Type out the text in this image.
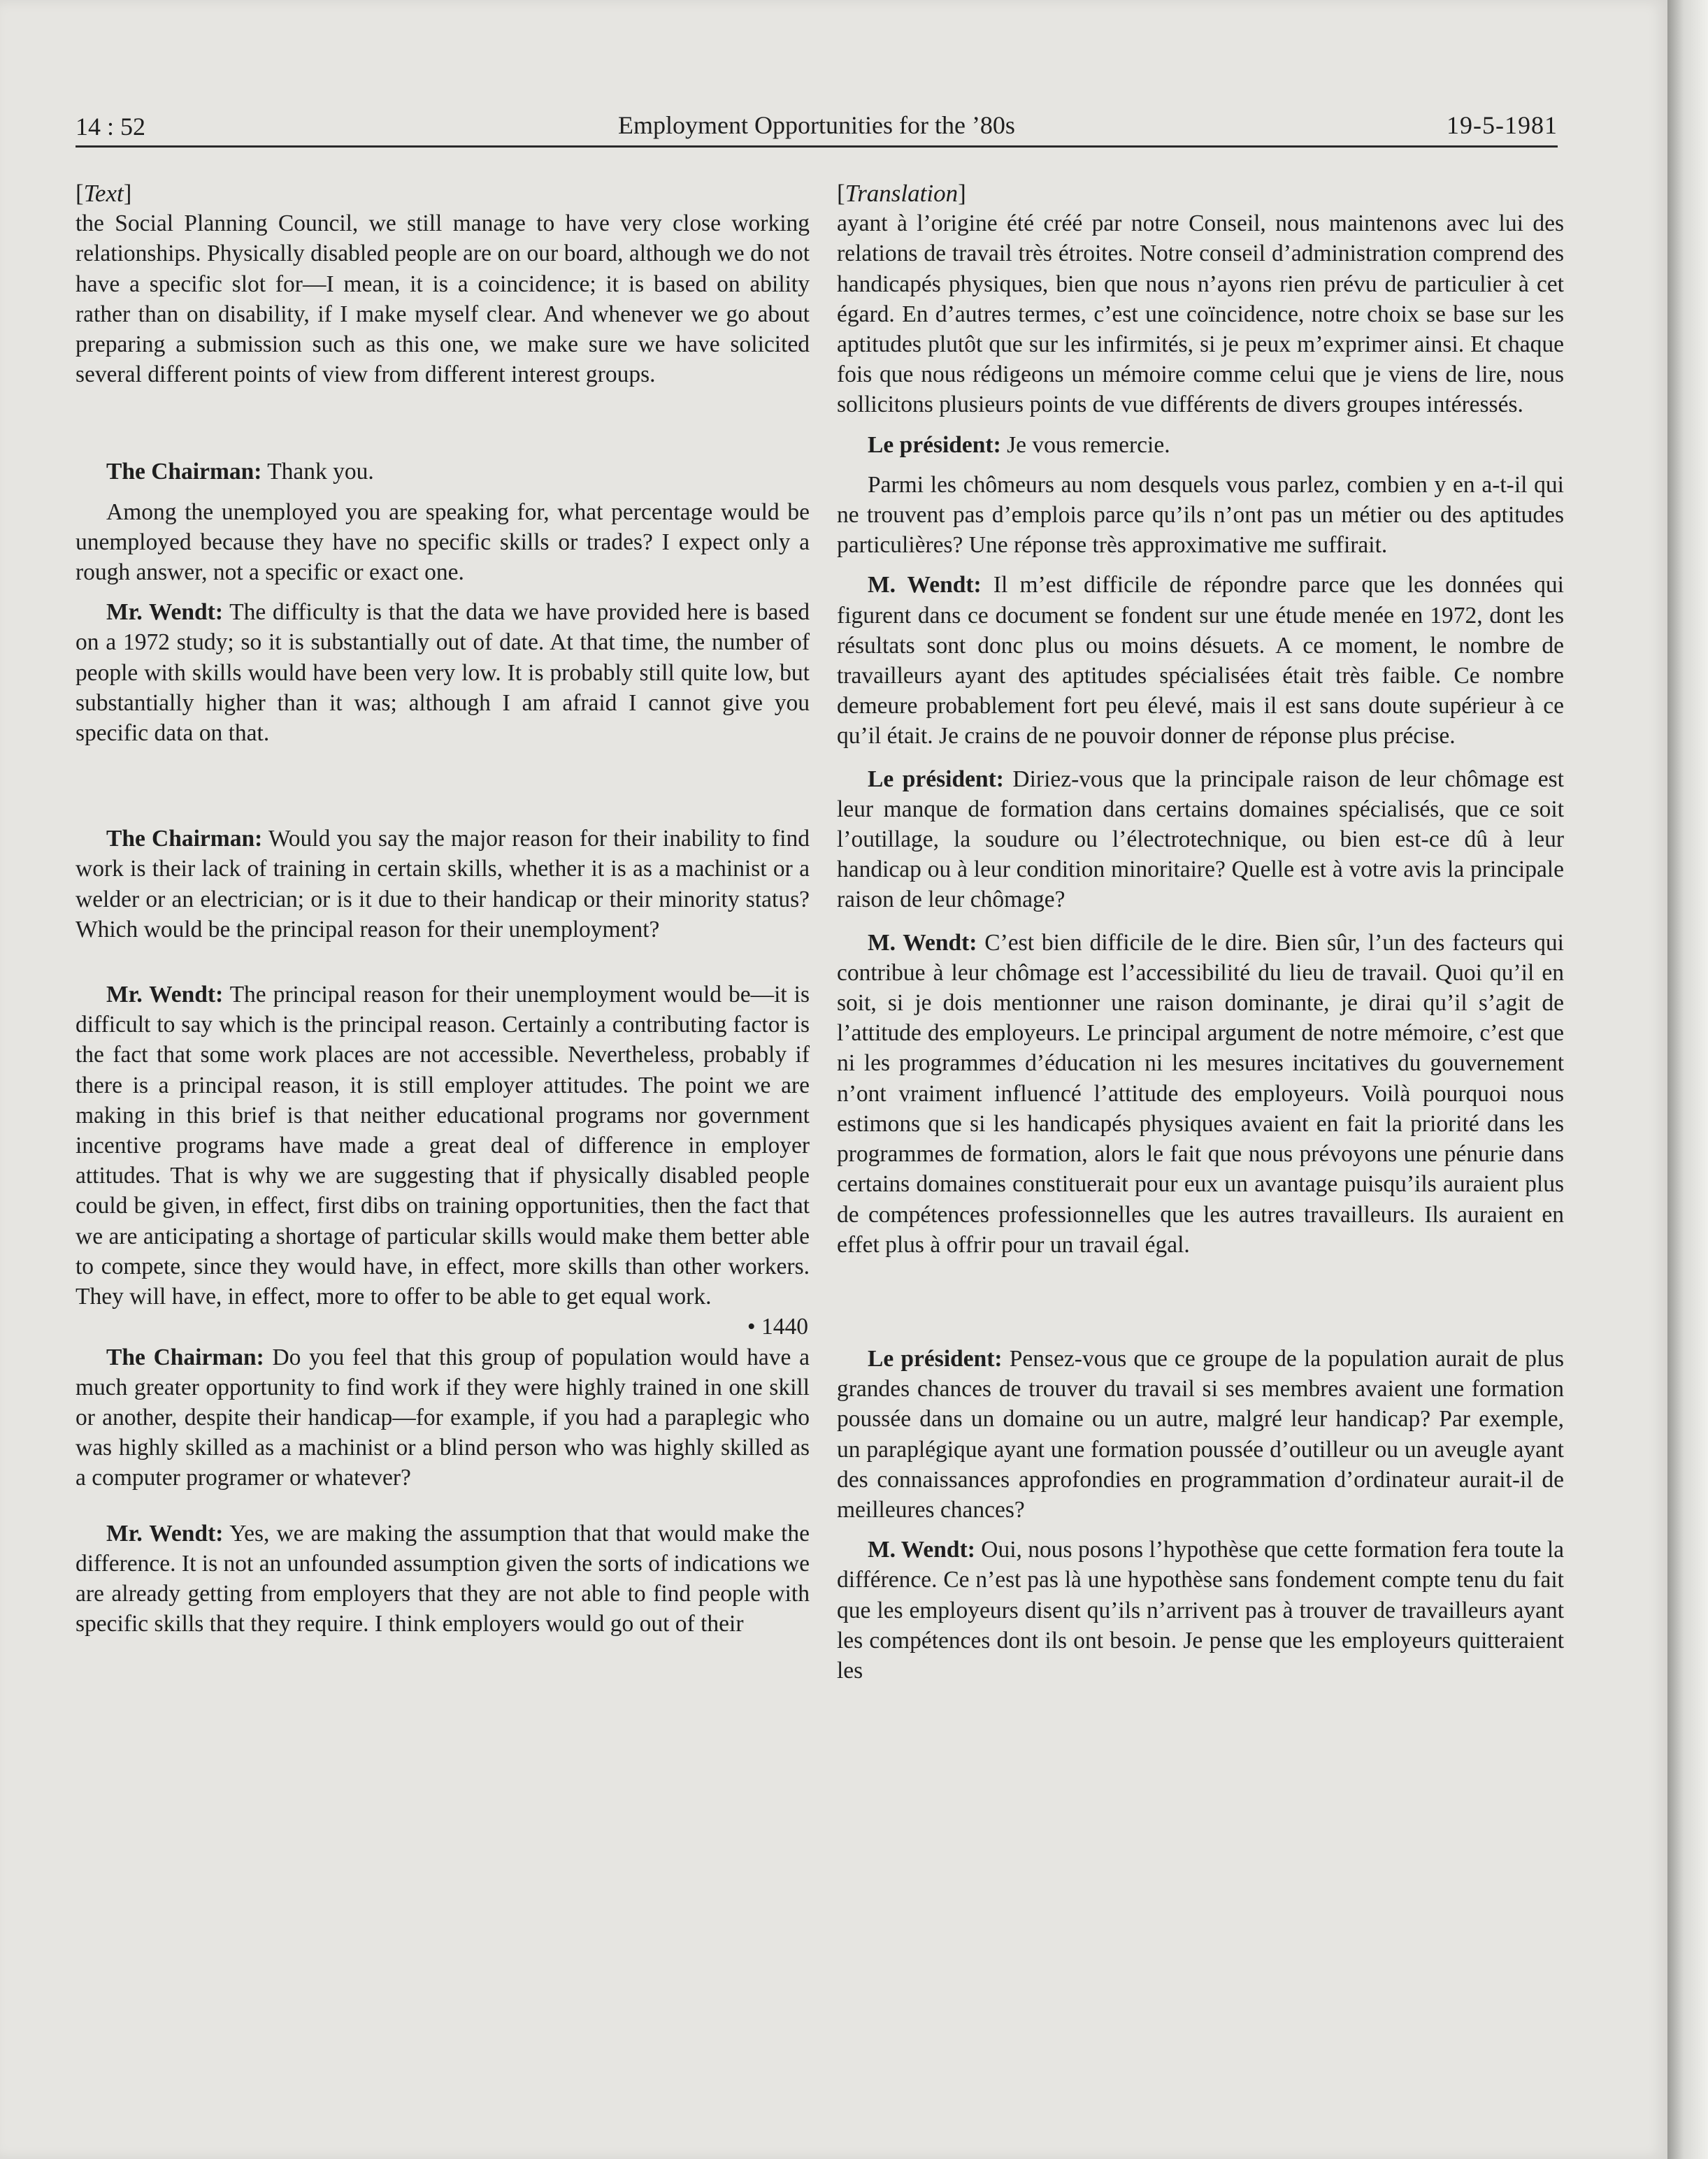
14 : 52	Employment Opportunities for the ’80s	19-5-1981

[Text]

the Social Planning Council, we still manage to have very close working relationships. Physically disabled people are on our board, although we do not have a specific slot for—I mean, it is a coincidence; it is based on ability rather than on disability, if I make myself clear. And whenever we go about preparing a submission such as this one, we make sure we have solicited several different points of view from different interest groups.

The Chairman: Thank you.

Among the unemployed you are speaking for, what percentage would be unemployed because they have no specific skills or trades? I expect only a rough answer, not a specific or exact one.

Mr. Wendt: The difficulty is that the data we have provided here is based on a 1972 study; so it is substantially out of date. At that time, the number of people with skills would have been very low. It is probably still quite low, but substantially higher than it was; although I am afraid I cannot give you specific data on that.

The Chairman: Would you say the major reason for their inability to find work is their lack of training in certain skills, whether it is as a machinist or a welder or an electrician; or is it due to their handicap or their minority status? Which would be the principal reason for their unemployment?

Mr. Wendt: The principal reason for their unemployment would be—it is difficult to say which is the principal reason. Certainly a contributing factor is the fact that some work places are not accessible. Nevertheless, probably if there is a principal reason, it is still employer attitudes. The point we are making in this brief is that neither educational programs nor government incentive programs have made a great deal of difference in employer attitudes. That is why we are suggesting that if physically disabled people could be given, in effect, first dibs on training opportunities, then the fact that we are anticipating a shortage of particular skills would make them better able to compete, since they would have, in effect, more skills than other workers. They will have, in effect, more to offer to be able to get equal work.

• 1440

The Chairman: Do you feel that this group of population would have a much greater opportunity to find work if they were highly trained in one skill or another, despite their handicap—for example, if you had a paraplegic who was highly skilled as a machinist or a blind person who was highly skilled as a computer programer or whatever?

Mr. Wendt: Yes, we are making the assumption that that would make the difference. It is not an unfounded assumption given the sorts of indications we are already getting from employers that they are not able to find people with specific skills that they require. I think employers would go out of their

[Translation]

ayant à l’origine été créé par notre Conseil, nous maintenons avec lui des relations de travail très étroites. Notre conseil d’administration comprend des handicapés physiques, bien que nous n’ayons rien prévu de particulier à cet égard. En d’autres termes, c’est une coïncidence, notre choix se base sur les aptitudes plutôt que sur les infirmités, si je peux m’exprimer ainsi. Et chaque fois que nous rédigeons un mémoire comme celui que je viens de lire, nous sollicitons plusieurs points de vue différents de divers groupes intéressés.

Le président: Je vous remercie.

Parmi les chômeurs au nom desquels vous parlez, combien y en a-t-il qui ne trouvent pas d’emplois parce qu’ils n’ont pas un métier ou des aptitudes particulières? Une réponse très approximative me suffirait.

M. Wendt: Il m’est difficile de répondre parce que les données qui figurent dans ce document se fondent sur une étude menée en 1972, dont les résultats sont donc plus ou moins désuets. A ce moment, le nombre de travailleurs ayant des aptitudes spécialisées était très faible. Ce nombre demeure probablement fort peu élevé, mais il est sans doute supérieur à ce qu’il était. Je crains de ne pouvoir donner de réponse plus précise.

Le président: Diriez-vous que la principale raison de leur chômage est leur manque de formation dans certains domaines spécialisés, que ce soit l’outillage, la soudure ou l’électrotechnique, ou bien est-ce dû à leur handicap ou à leur condition minoritaire? Quelle est à votre avis la principale raison de leur chômage?

M. Wendt: C’est bien difficile de le dire. Bien sûr, l’un des facteurs qui contribue à leur chômage est l’accessibilité du lieu de travail. Quoi qu’il en soit, si je dois mentionner une raison dominante, je dirai qu’il s’agit de l’attitude des employeurs. Le principal argument de notre mémoire, c’est que ni les programmes d’éducation ni les mesures incitatives du gouvernement n’ont vraiment influencé l’attitude des employeurs. Voilà pourquoi nous estimons que si les handicapés physiques avaient en fait la priorité dans les programmes de formation, alors le fait que nous prévoyons une pénurie dans certains domaines constituerait pour eux un avantage puisqu’ils auraient plus de compétences professionnelles que les autres travailleurs. Ils auraient en effet plus à offrir pour un travail égal.

Le président: Pensez-vous que ce groupe de la population aurait de plus grandes chances de trouver du travail si ses membres avaient une formation poussée dans un domaine ou un autre, malgré leur handicap? Par exemple, un paraplégique ayant une formation poussée d’outilleur ou un aveugle ayant des connaissances approfondies en programmation d’ordinateur aurait-il de meilleures chances?

M. Wendt: Oui, nous posons l’hypothèse que cette formation fera toute la différence. Ce n’est pas là une hypothèse sans fondement compte tenu du fait que les employeurs disent qu’ils n’arrivent pas à trouver de travailleurs ayant les compétences dont ils ont besoin. Je pense que les employeurs quitteraient les
